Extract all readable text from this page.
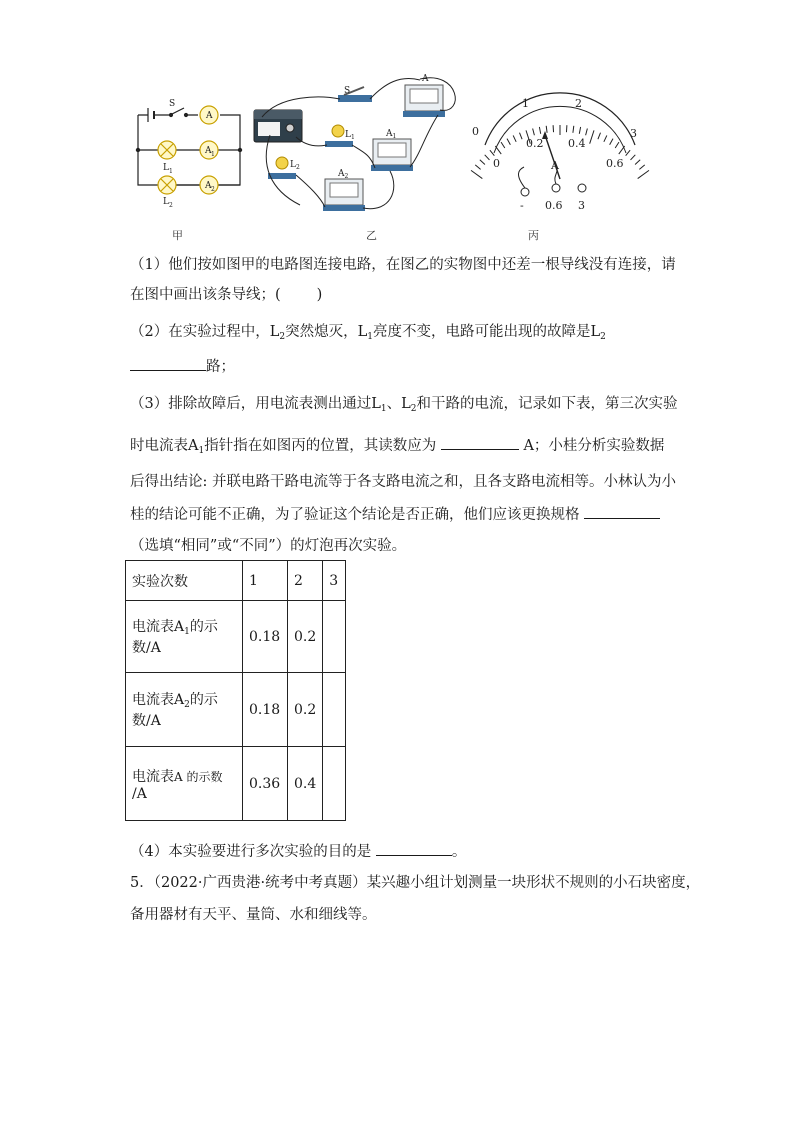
S
A
A 1
A 2
L 1
L 2
S
A
$L_1$	$A_1$
$L_2$
$A_2$
0
1	2
3
0
0.2 0.4
0.6
A
- 0.6 3
甲	乙	丙
（1）他们按如图甲的电路图连接电路，在图乙的实物图中还差一根导线没有连接，请
在图中画出该条导线；( )
（2）在实验过程中，$L_2$突然熄灭，$L_1$亮度不变，电路可能出现的故障是$L_2$
路；
（3）排除故障后，用电流表测出通过$L_1$、$L_2$和干路的电流，记录如下表，第三次实验
时电流表$A_1$指针指在如图丙的位置，其读数应为	A；小桂分析实验数据
后得出结论: 并联电路干路电流等于各支路电流之和，且各支路电流相等。小林认为小
桂的结论可能不正确，为了验证这个结论是否正确，他们应该更换规格
（选填“相同”或“不同”）的灯泡再次实验。
实验次数	1	2	3
电流表$A_1$的示
数/A	0.18	0.2	
电流表$A_2$的示
数/A	0.18	0.2	
电流表A 的示数
/A	0.36	0.4	
（4）本实验要进行多次实验的目的是	。
5．（2022·广西贵港·统考中考真题）某兴趣小组计划测量一块形状不规则的小石块密度，
备用器材有天平、量筒、水和细线等。
